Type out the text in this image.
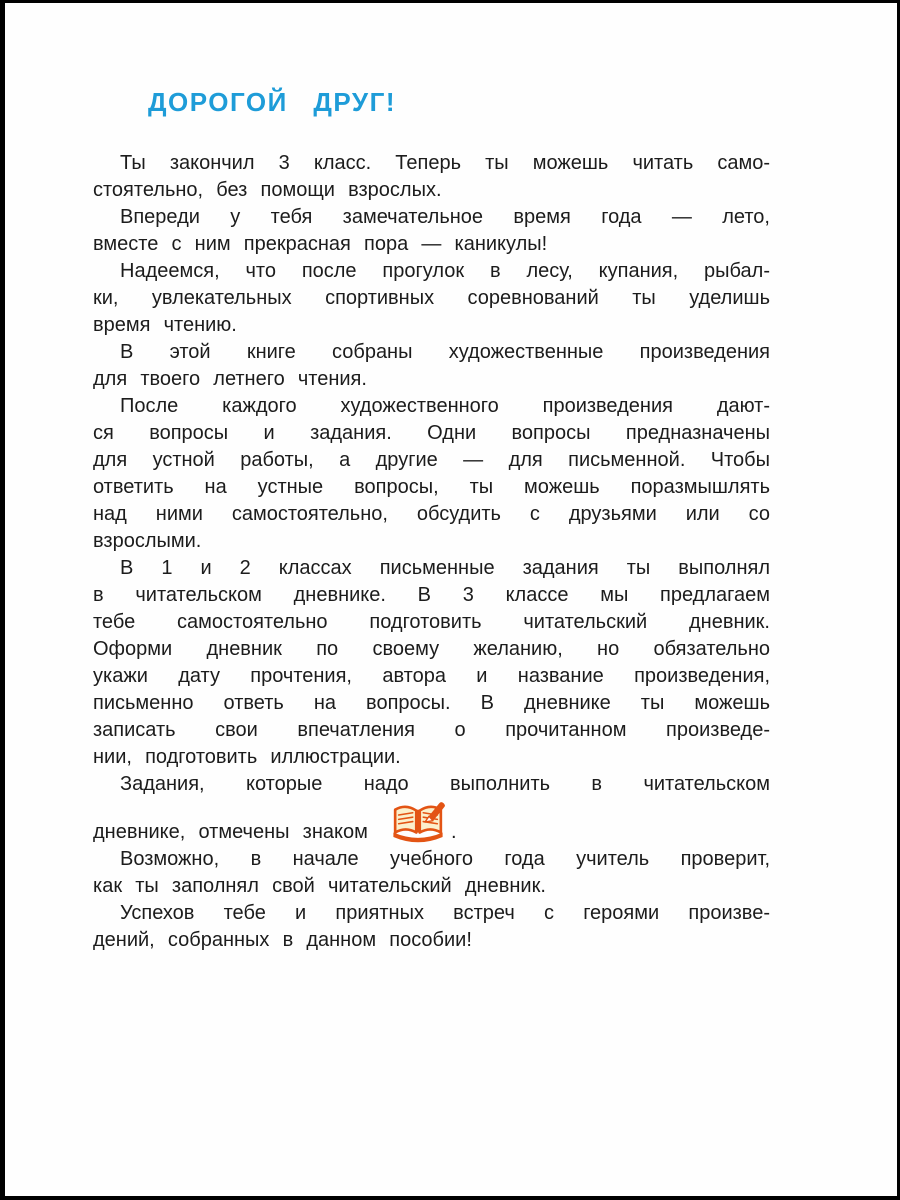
ДОРОГОЙ ДРУГ!
Ты закончил 3 класс. Теперь ты можешь читать само-
стоятельно, без помощи взрослых.
Впереди у тебя замечательное время года — лето,
вместе с ним прекрасная пора — каникулы!
Надеемся, что после прогулок в лесу, купания, рыбал-
ки, увлекательных спортивных соревнований ты уделишь
время чтению.
В этой книге собраны художественные произведения
для твоего летнего чтения.
После каждого художественного произведения дают-
ся вопросы и задания. Одни вопросы предназначены
для устной работы, а другие — для письменной. Чтобы
ответить на устные вопросы, ты можешь поразмышлять
над ними самостоятельно, обсудить с друзьями или со
взрослыми.
В 1 и 2 классах письменные задания ты выполнял
в читательском дневнике. В 3 классе мы предлагаем
тебе самостоятельно подготовить читательский дневник.
Оформи дневник по своему желанию, но обязательно
укажи дату прочтения, автора и название произведения,
письменно ответь на вопросы. В дневнике ты можешь
записать свои впечатления о прочитанном произведе-
нии, подготовить иллюстрации.
Задания, которые надо выполнить в читательском
дневнике, отмечены знаком	.
Возможно, в начале учебного года учитель проверит,
как ты заполнял свой читательский дневник.
Успехов тебе и приятных встреч с героями произве-
дений, собранных в данном пособии!
